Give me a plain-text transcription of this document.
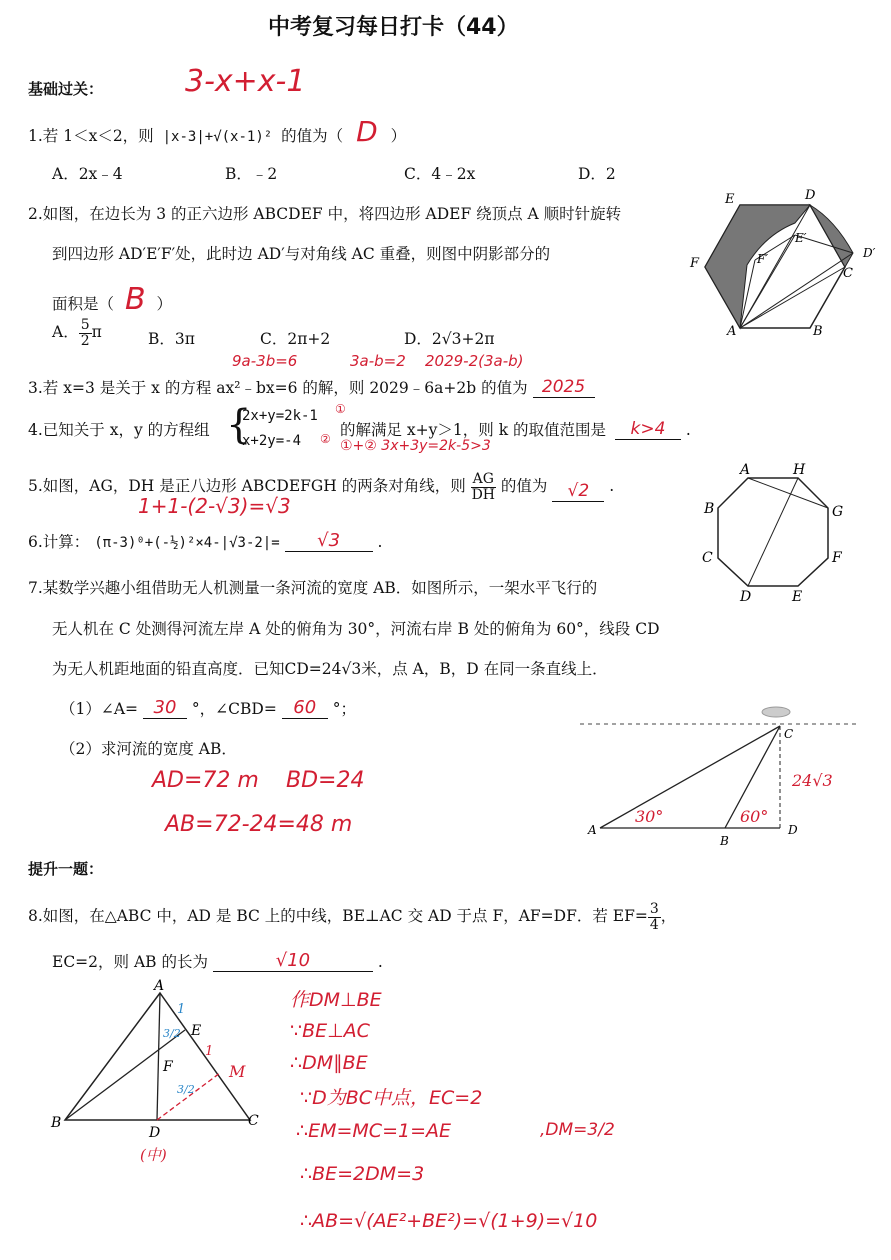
中考复习每日打卡（44）
基础过关：	3-x+x-1
1.若 1＜x＜2，则 |x-3|+√(x-1)² 的值为（ D ）
A．2x﹣4	B．﹣2	C．4﹣2x	D．2
2.如图，在边长为 3 的正六边形 ABCDEF 中，将四边形 ADEF 绕顶点 A 顺时针旋转
到四边形 AD′E′F′处，此时边 AD′与对角线 AC 重叠，则图中阴影部分的
面积是（ B ）
A． $\frac{5}{2}$ π	B．3π	C．2π+2	D．2√3+2π
E	D
E′
D′
F	F′
C
A	B
9a-3b=6	3a-b=2 2029-2(3a-b)
3.若 x=3 是关于 x 的方程 ax²﹣bx=6 的解，则 2029﹣6a+2b 的值为 2025
4.已知关于 x，y 的方程组 {
2x+y=2k-1
x+2y=-4
①
② 的解满足 x+y＞1，则 k 的取值范围是 k>4 .
①+② 3x+3y=2k-5>3
5.如图，AG，DH 是正八边形 ABCDEFGH 的两条对角线，则 $\frac{AG}{DH}$ 的值为 √2 .
1+1-(2-√3)=√3
A	H
B	G
C	F
D	E
6.计算： (π-3)⁰+(-½)²×4-|√3-2|= √3 .
7.某数学兴趣小组借助无人机测量一条河流的宽度 AB．如图所示，一架水平飞行的
无人机在 C 处测得河流左岸 A 处的俯角为 30°，河流右岸 B 处的俯角为 60°，线段 CD
为无人机距地面的铅直高度．已知CD=24√3米，点 A，B，D 在同一条直线上．
（1）∠A= 30 °，∠CBD= 60 °；
（2）求河流的宽度 AB．
AD=72 m BD=24
AB=72-24=48 m
C
A
B
D
30°	60°
24√3
提升一题：
8.如图，在△ABC 中，AD 是 BC 上的中线，BE⊥AC 交 AD 于点 F，AF=DF．若 $EF= \frac{3}{4}$ ，
EC=2，则 AB 的长为	√10	.
A
E
F
B
D
C
M
(中)
1
3/2
3/2
1
作DM⊥BE
∵BE⊥AC
∴DM∥BE
∵D为BC中点，EC=2
∴EM=MC=1=AE	,DM=3/2
∴BE=2DM=3
∴AB=√(AE²+BE²)=√(1+9)=√10
